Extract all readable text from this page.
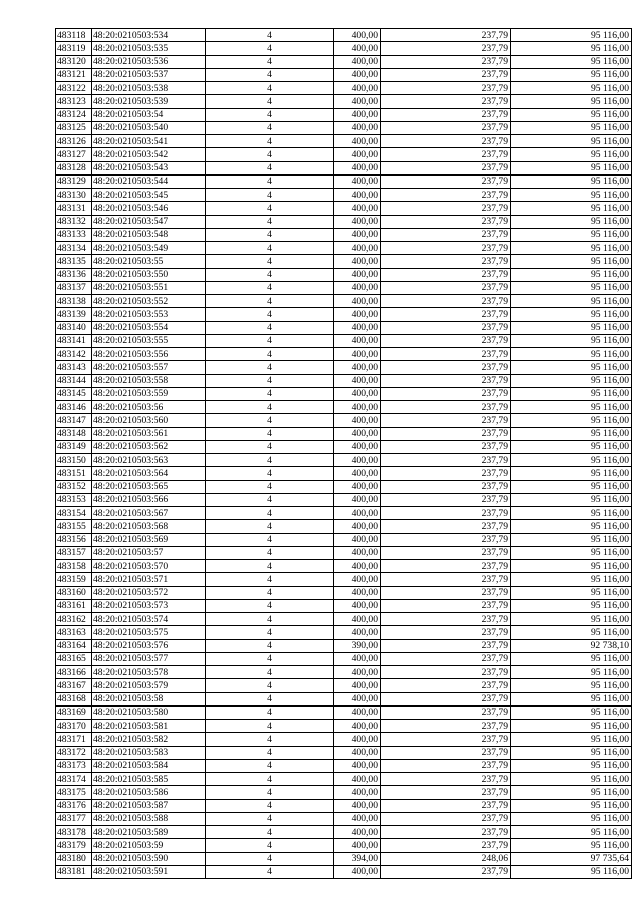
483118	48:20:0210503:534	4	400,00	237,79	95 116,00
483119	48:20:0210503:535	4	400,00	237,79	95 116,00
483120	48:20:0210503:536	4	400,00	237,79	95 116,00
483121	48:20:0210503:537	4	400,00	237,79	95 116,00
483122	48:20:0210503:538	4	400,00	237,79	95 116,00
483123	48:20:0210503:539	4	400,00	237,79	95 116,00
483124	48:20:0210503:54	4	400,00	237,79	95 116,00
483125	48:20:0210503:540	4	400,00	237,79	95 116,00
483126	48:20:0210503:541	4	400,00	237,79	95 116,00
483127	48:20:0210503:542	4	400,00	237,79	95 116,00
483128	48:20:0210503:543	4	400,00	237,79	95 116,00
483129	48:20:0210503:544	4	400,00	237,79	95 116,00
483130	48:20:0210503:545	4	400,00	237,79	95 116,00
483131	48:20:0210503:546	4	400,00	237,79	95 116,00
483132	48:20:0210503:547	4	400,00	237,79	95 116,00
483133	48:20:0210503:548	4	400,00	237,79	95 116,00
483134	48:20:0210503:549	4	400,00	237,79	95 116,00
483135	48:20:0210503:55	4	400,00	237,79	95 116,00
483136	48:20:0210503:550	4	400,00	237,79	95 116,00
483137	48:20:0210503:551	4	400,00	237,79	95 116,00
483138	48:20:0210503:552	4	400,00	237,79	95 116,00
483139	48:20:0210503:553	4	400,00	237,79	95 116,00
483140	48:20:0210503:554	4	400,00	237,79	95 116,00
483141	48:20:0210503:555	4	400,00	237,79	95 116,00
483142	48:20:0210503:556	4	400,00	237,79	95 116,00
483143	48:20:0210503:557	4	400,00	237,79	95 116,00
483144	48:20:0210503:558	4	400,00	237,79	95 116,00
483145	48:20:0210503:559	4	400,00	237,79	95 116,00
483146	48:20:0210503:56	4	400,00	237,79	95 116,00
483147	48:20:0210503:560	4	400,00	237,79	95 116,00
483148	48:20:0210503:561	4	400,00	237,79	95 116,00
483149	48:20:0210503:562	4	400,00	237,79	95 116,00
483150	48:20:0210503:563	4	400,00	237,79	95 116,00
483151	48:20:0210503:564	4	400,00	237,79	95 116,00
483152	48:20:0210503:565	4	400,00	237,79	95 116,00
483153	48:20:0210503:566	4	400,00	237,79	95 116,00
483154	48:20:0210503:567	4	400,00	237,79	95 116,00
483155	48:20:0210503:568	4	400,00	237,79	95 116,00
483156	48:20:0210503:569	4	400,00	237,79	95 116,00
483157	48:20:0210503:57	4	400,00	237,79	95 116,00
483158	48:20:0210503:570	4	400,00	237,79	95 116,00
483159	48:20:0210503:571	4	400,00	237,79	95 116,00
483160	48:20:0210503:572	4	400,00	237,79	95 116,00
483161	48:20:0210503:573	4	400,00	237,79	95 116,00
483162	48:20:0210503:574	4	400,00	237,79	95 116,00
483163	48:20:0210503:575	4	400,00	237,79	95 116,00
483164	48:20:0210503:576	4	390,00	237,79	92 738,10
483165	48:20:0210503:577	4	400,00	237,79	95 116,00
483166	48:20:0210503:578	4	400,00	237,79	95 116,00
483167	48:20:0210503:579	4	400,00	237,79	95 116,00
483168	48:20:0210503:58	4	400,00	237,79	95 116,00
483169	48:20:0210503:580	4	400,00	237,79	95 116,00
483170	48:20:0210503:581	4	400,00	237,79	95 116,00
483171	48:20:0210503:582	4	400,00	237,79	95 116,00
483172	48:20:0210503:583	4	400,00	237,79	95 116,00
483173	48:20:0210503:584	4	400,00	237,79	95 116,00
483174	48:20:0210503:585	4	400,00	237,79	95 116,00
483175	48:20:0210503:586	4	400,00	237,79	95 116,00
483176	48:20:0210503:587	4	400,00	237,79	95 116,00
483177	48:20:0210503:588	4	400,00	237,79	95 116,00
483178	48:20:0210503:589	4	400,00	237,79	95 116,00
483179	48:20:0210503:59	4	400,00	237,79	95 116,00
483180	48:20:0210503:590	4	394,00	248,06	97 735,64
483181	48:20:0210503:591	4	400,00	237,79	95 116,00
